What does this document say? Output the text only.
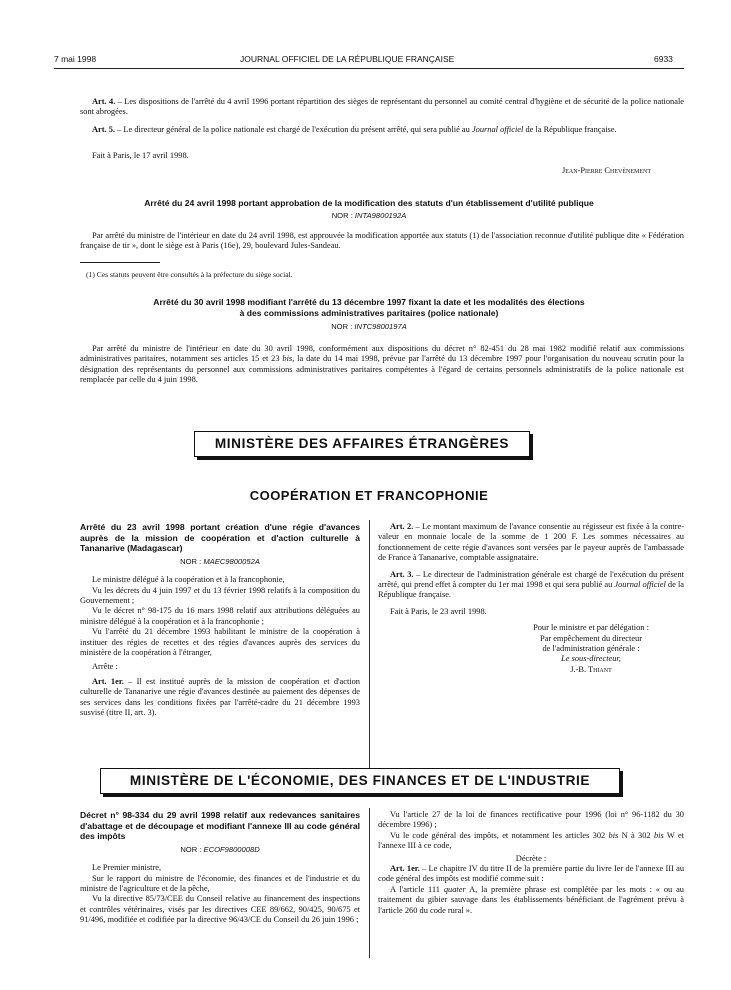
7 mai 1998	JOURNAL OFFICIEL DE LA RÉPUBLIQUE FRANÇAISE	6933

Art. 4. – Les dispositions de l'arrêté du 4 avril 1996 portant répartition des sièges de représentant du personnel au comité central d'hygiène et de sécurité de la police nationale sont abrogées.

Art. 5. – Le directeur général de la police nationale est chargé de l'exécution du présent arrêté, qui sera publié au Journal officiel de la République française.

Fait à Paris, le 17 avril 1998.

Jean-Pierre Chevènement
Arrêté du 24 avril 1998 portant approbation de la modification des statuts d'un établissement d'utilité publique
NOR : INTA9800192A

Par arrêté du ministre de l'intérieur en date du 24 avril 1998, est approuvée la modification apportée aux statuts (1) de l'association reconnue d'utilité publique dite « Fédération française de tir », dont le siège est à Paris (16e), 29, boulevard Jules-Sandeau.

(1) Ces statuts peuvent être consultés à la préfecture du siège social.
Arrêté du 30 avril 1998 modifiant l'arrêté du 13 décembre 1997 fixant la date et les modalités des élections
à des commissions administratives paritaires (police nationale)
NOR : INTC9800197A

Par arrêté du ministre de l'intérieur en date du 30 avril 1998, conformément aux dispositions du décret n° 82-451 du 28 mai 1982 modifié relatif aux commissions administratives paritaires, notamment ses articles 15 et 23 bis, la date du 14 mai 1998, prévue par l'arrêté du 13 décembre 1997 pour l'organisation du nouveau scrutin pour la désignation des représentants du personnel aux commissions administratives paritaires compétentes à l'égard de certains personnels administratifs de la police nationale est remplacée par celle du 4 juin 1998.

MINISTÈRE DES AFFAIRES ÉTRANGÈRES
COOPÉRATION ET FRANCOPHONIE

Arrêté du 23 avril 1998 portant création d'une régie d'avances auprès de la mission de coopération et d'action culturelle à Tananarive (Madagascar)

NOR : MAEC9800052A

Le ministre délégué à la coopération et à la francophonie,

Vu les décrets du 4 juin 1997 et du 13 février 1998 relatifs à la composition du Gouvernement ;

Vu le décret n° 98-175 du 16 mars 1998 relatif aux attributions déléguées au ministre délégué à la coopération et à la francophonie ;

Vu l'arrêté du 21 décembre 1993 habilitant le ministre de la coopération à instituer des régies de recettes et des régies d'avances auprès des services du ministère de la coopération à l'étranger,

Arrête :

Art. 1er. – Il est institué auprès de la mission de coopération et d'action culturelle de Tananarive une régie d'avances destinée au paiement des dépenses de ses services dans les conditions fixées par l'arrêté-cadre du 21 décembre 1993 susvisé (titre II, art. 3).

Art. 2. – Le montant maximum de l'avance consentie au régisseur est fixée à la contre-valeur en monnaie locale de la somme de 1 200 F. Les sommes nécessaires au fonctionnement de cette régie d'avances sont versées par le payeur auprès de l'ambassade de France à Tananarive, comptable assignataire.

Art. 3. – Le directeur de l'administration générale est chargé de l'exécution du présent arrêté, qui prend effet à compter du 1er mai 1998 et qui sera publié au Journal officiel de la République française.

Fait à Paris, le 23 avril 1998.

Pour le ministre et par délégation :
Par empêchement du directeur
de l'administration générale :
Le sous-directeur,
J.-B. Thiant
MINISTÈRE DE L'ÉCONOMIE, DES FINANCES ET DE L'INDUSTRIE

Décret n° 98-334 du 29 avril 1998 relatif aux redevances sanitaires d'abattage et de découpage et modifiant l'annexe III au code général des impôts

NOR : ECOF9800008D

Le Premier ministre,

Sur le rapport du ministre de l'économie, des finances et de l'industrie et du ministre de l'agriculture et de la pêche,

Vu la directive 85/73/CEE du Conseil relative au financement des inspections et contrôles vétérinaires, visés par les directives CEE 89/662, 90/425, 90/675 et 91/496, modifiée et codifiée par la directive 96/43/CE du Conseil du 26 juin 1996 ;

Vu l'article 27 de la loi de finances rectificative pour 1996 (loi n° 96-1182 du 30 décembre 1996) ;

Vu le code général des impôts, et notamment les articles 302 bis N à 302 bis W et l'annexe III à ce code,

Décrète :

Art. 1er. – Le chapitre IV du titre II de la première partie du livre Ier de l'annexe III au code général des impôts est modifié comme suit :

A l'article 111 quater A, la première phrase est complétée par les mots : « ou au traitement du gibier sauvage dans les établissements bénéficiant de l'agrément prévu à l'article 260 du code rural ».
